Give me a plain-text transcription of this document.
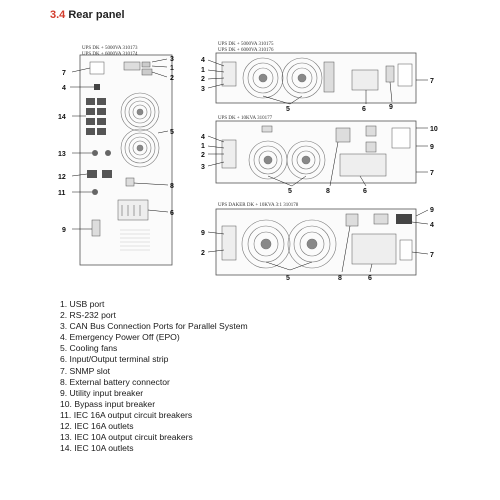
3.4 Rear panel
UPS DK + 5000VA 310173
UPS DK + 6000VA 310174
3
1
2
7
4
14
5
13
12
8
11
6
9
UPS DK + 5000VA 310175
UPS DK + 6000VA 310176
4
1
2
3
5	6	9
7
UPS DK + 10KVA 310177
4
1
2
3
5
10
9
7
8	6
UPS DAKER DK + 10KVA 3:1 310178
9
2
9
4
5	8	6
7
1. USB port
2. RS-232 port
3. CAN Bus Connection Ports for Parallel System
4. Emergency Power Off (EPO)
5. Cooling fans
6. Input/Output terminal strip
7. SNMP slot
8. External battery connector
9. Utility input breaker
10. Bypass input breaker
11. IEC 16A output circuit breakers
12. IEC 16A outlets
13. IEC 10A output circuit breakers
14. IEC 10A outlets
